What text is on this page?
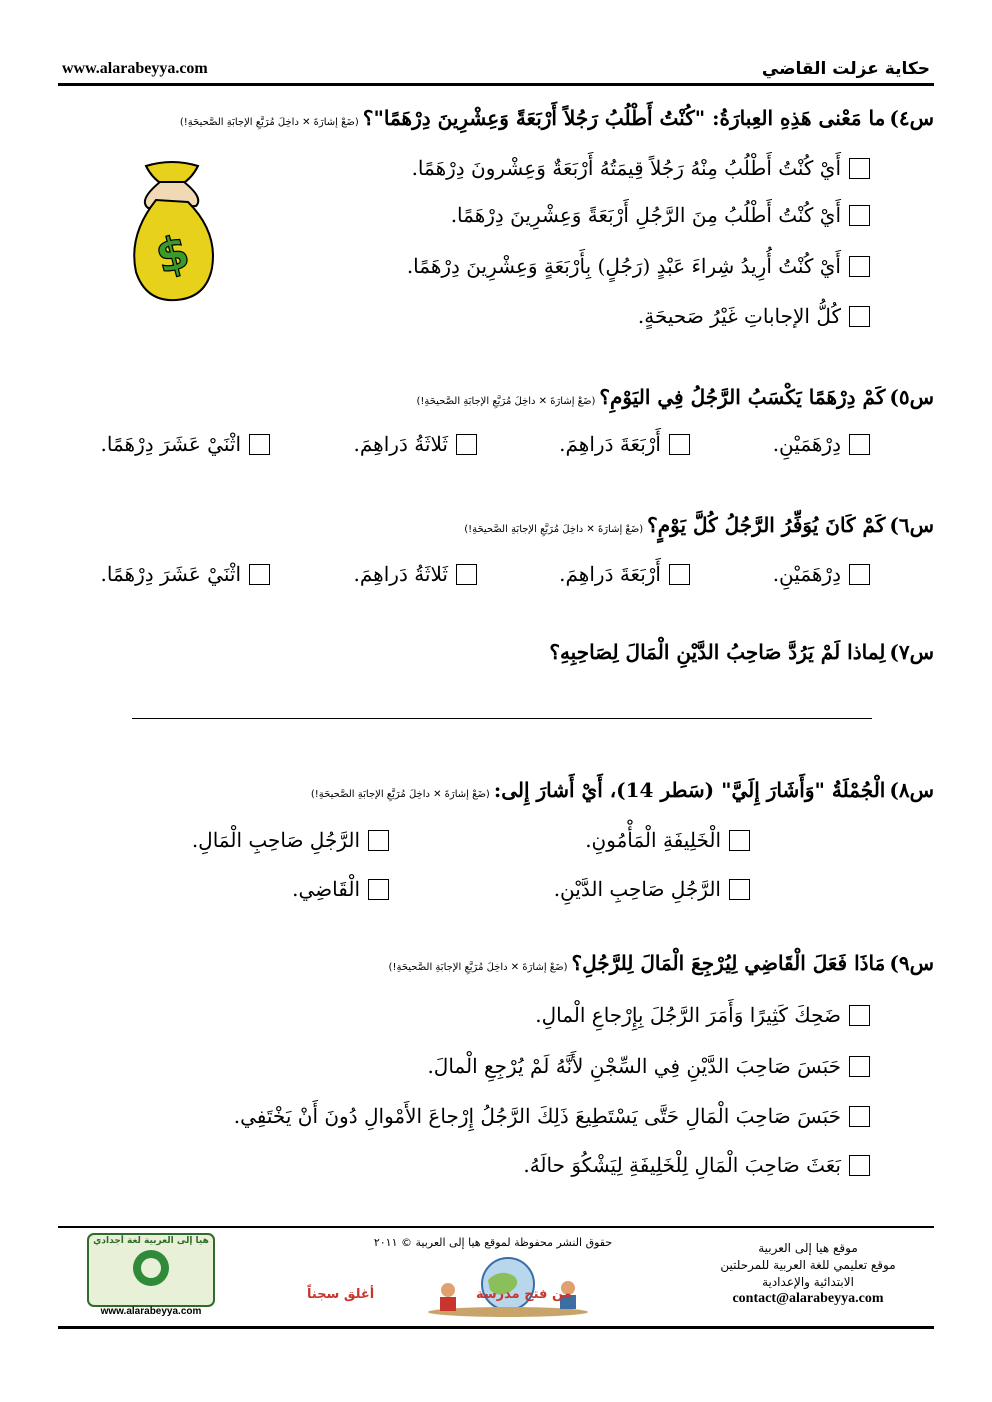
www.alarabeyya.com	حكاية عزلت القاضي
$
س٤)ما مَعْنى هَذِهِ العِبارَةُ: "كُنْتُ أَطْلُبُ رَجُلاً أَرْبَعَةً وَعِشْرِينَ دِرْهَمًا"؟(ضَعْ إشارَةَ ✕ داخِلَ مُرَبَّعِ الإجابَةِ الصَّحيحَةِ!)
أَيْ كُنْتُ أَطْلُبُ مِنْهُ رَجُلاً قِيمَتُهُ أَرْبَعَةٌ وَعِشْرونَ دِرْهَمًا.
أَيْ كُنْتُ أَطْلُبُ مِنَ الرَّجُلِ أَرْبَعَةً وَعِشْرِينَ دِرْهَمًا.
أَيْ كُنْتُ أُرِيدُ شِراءَ عَبْدٍ (رَجُلٍ) بِأَرْبَعَةٍ وَعِشْرِينَ دِرْهَمًا.
كُلُّ الإجاباتِ غَيْرُ صَحيحَةٍ.
س٥)كَمْ دِرْهَمًا يَكْسَبُ الرَّجُلُ فِي اليَوْمِ؟(ضَعْ إشارَةَ ✕ داخِلَ مُرَبَّعِ الإجابَةِ الصَّحيحَةِ!)
دِرْهَمَيْنِ.
أَرْبَعَةَ دَراهِمَ.
ثَلاثَةُ دَراهِمَ.
اثْنَيْ عَشَرَ دِرْهَمًا.
س٦)كَمْ كَانَ يُوَفِّرُ الرَّجُلُ كُلَّ يَوْمٍ؟(ضَعْ إشارَةَ ✕ داخِلَ مُرَبَّعِ الإجابَةِ الصَّحيحَةِ!)
دِرْهَمَيْنِ.
أَرْبَعَةَ دَراهِمَ.
ثَلاثَةُ دَراهِمَ.
اثْنَيْ عَشَرَ دِرْهَمًا.
س٧)لِماذا لَمْ يَرُدَّ صَاحِبُ الدَّيْنِ الْمَالَ لِصَاحِبِهِ؟
س٨)الْجُمْلَةُ "وَأَشَارَ إِلَيَّ" (سَطر 14)، أَيْ أَشارَ إِلى:(ضَعْ إشارَةَ ✕ داخِلَ مُرَبَّعِ الإجابَةِ الصَّحيحَةِ!)
الْخَلِيفَةِ الْمَأْمُونِ.
الرَّجُلِ صَاحِبِ الْمَالِ.
الرَّجُلِ صَاحِبِ الدَّيْنِ.
الْقَاضِي.
س٩)مَاذَا فَعَلَ الْقَاضِي لِيُرْجِعَ الْمَالَ لِلرَّجُلِ؟(ضَعْ إشارَةَ ✕ داخِلَ مُرَبَّعِ الإجابَةِ الصَّحيحَةِ!)
ضَحِكَ كَثِيرًا وَأَمَرَ الرَّجُلَ بِإِرْجاعِ الْمالِ.
حَبَسَ صَاحِبَ الدَّيْنِ فِي السِّجْنِ لأَنَّهُ لَمْ يُرْجِعِ الْمالَ.
حَبَسَ صَاحِبَ الْمَالِ حَتَّى يَسْتَطِيعَ ذَلِكَ الرَّجُلُ إِرْجاعَ الأَمْوالِ دُونَ أَنْ يَخْتَفِي.
بَعَثَ صَاحِبَ الْمَالِ لِلْخَلِيفَةِ لِيَشْكُوَ حالَهُ.
موقع هيا إلى العربية
موقع تعليمي للغة العربية للمرحلتين
الابتدائية والإعدادية
contact@alarabeyya.com
حقوق النشر محفوظة لموقع هيا إلى العربية © ٢٠١١
من فتح مدرسة
أغلق سجناً
هيا إلى العربية لغة أجدادي
www.alarabeyya.com
